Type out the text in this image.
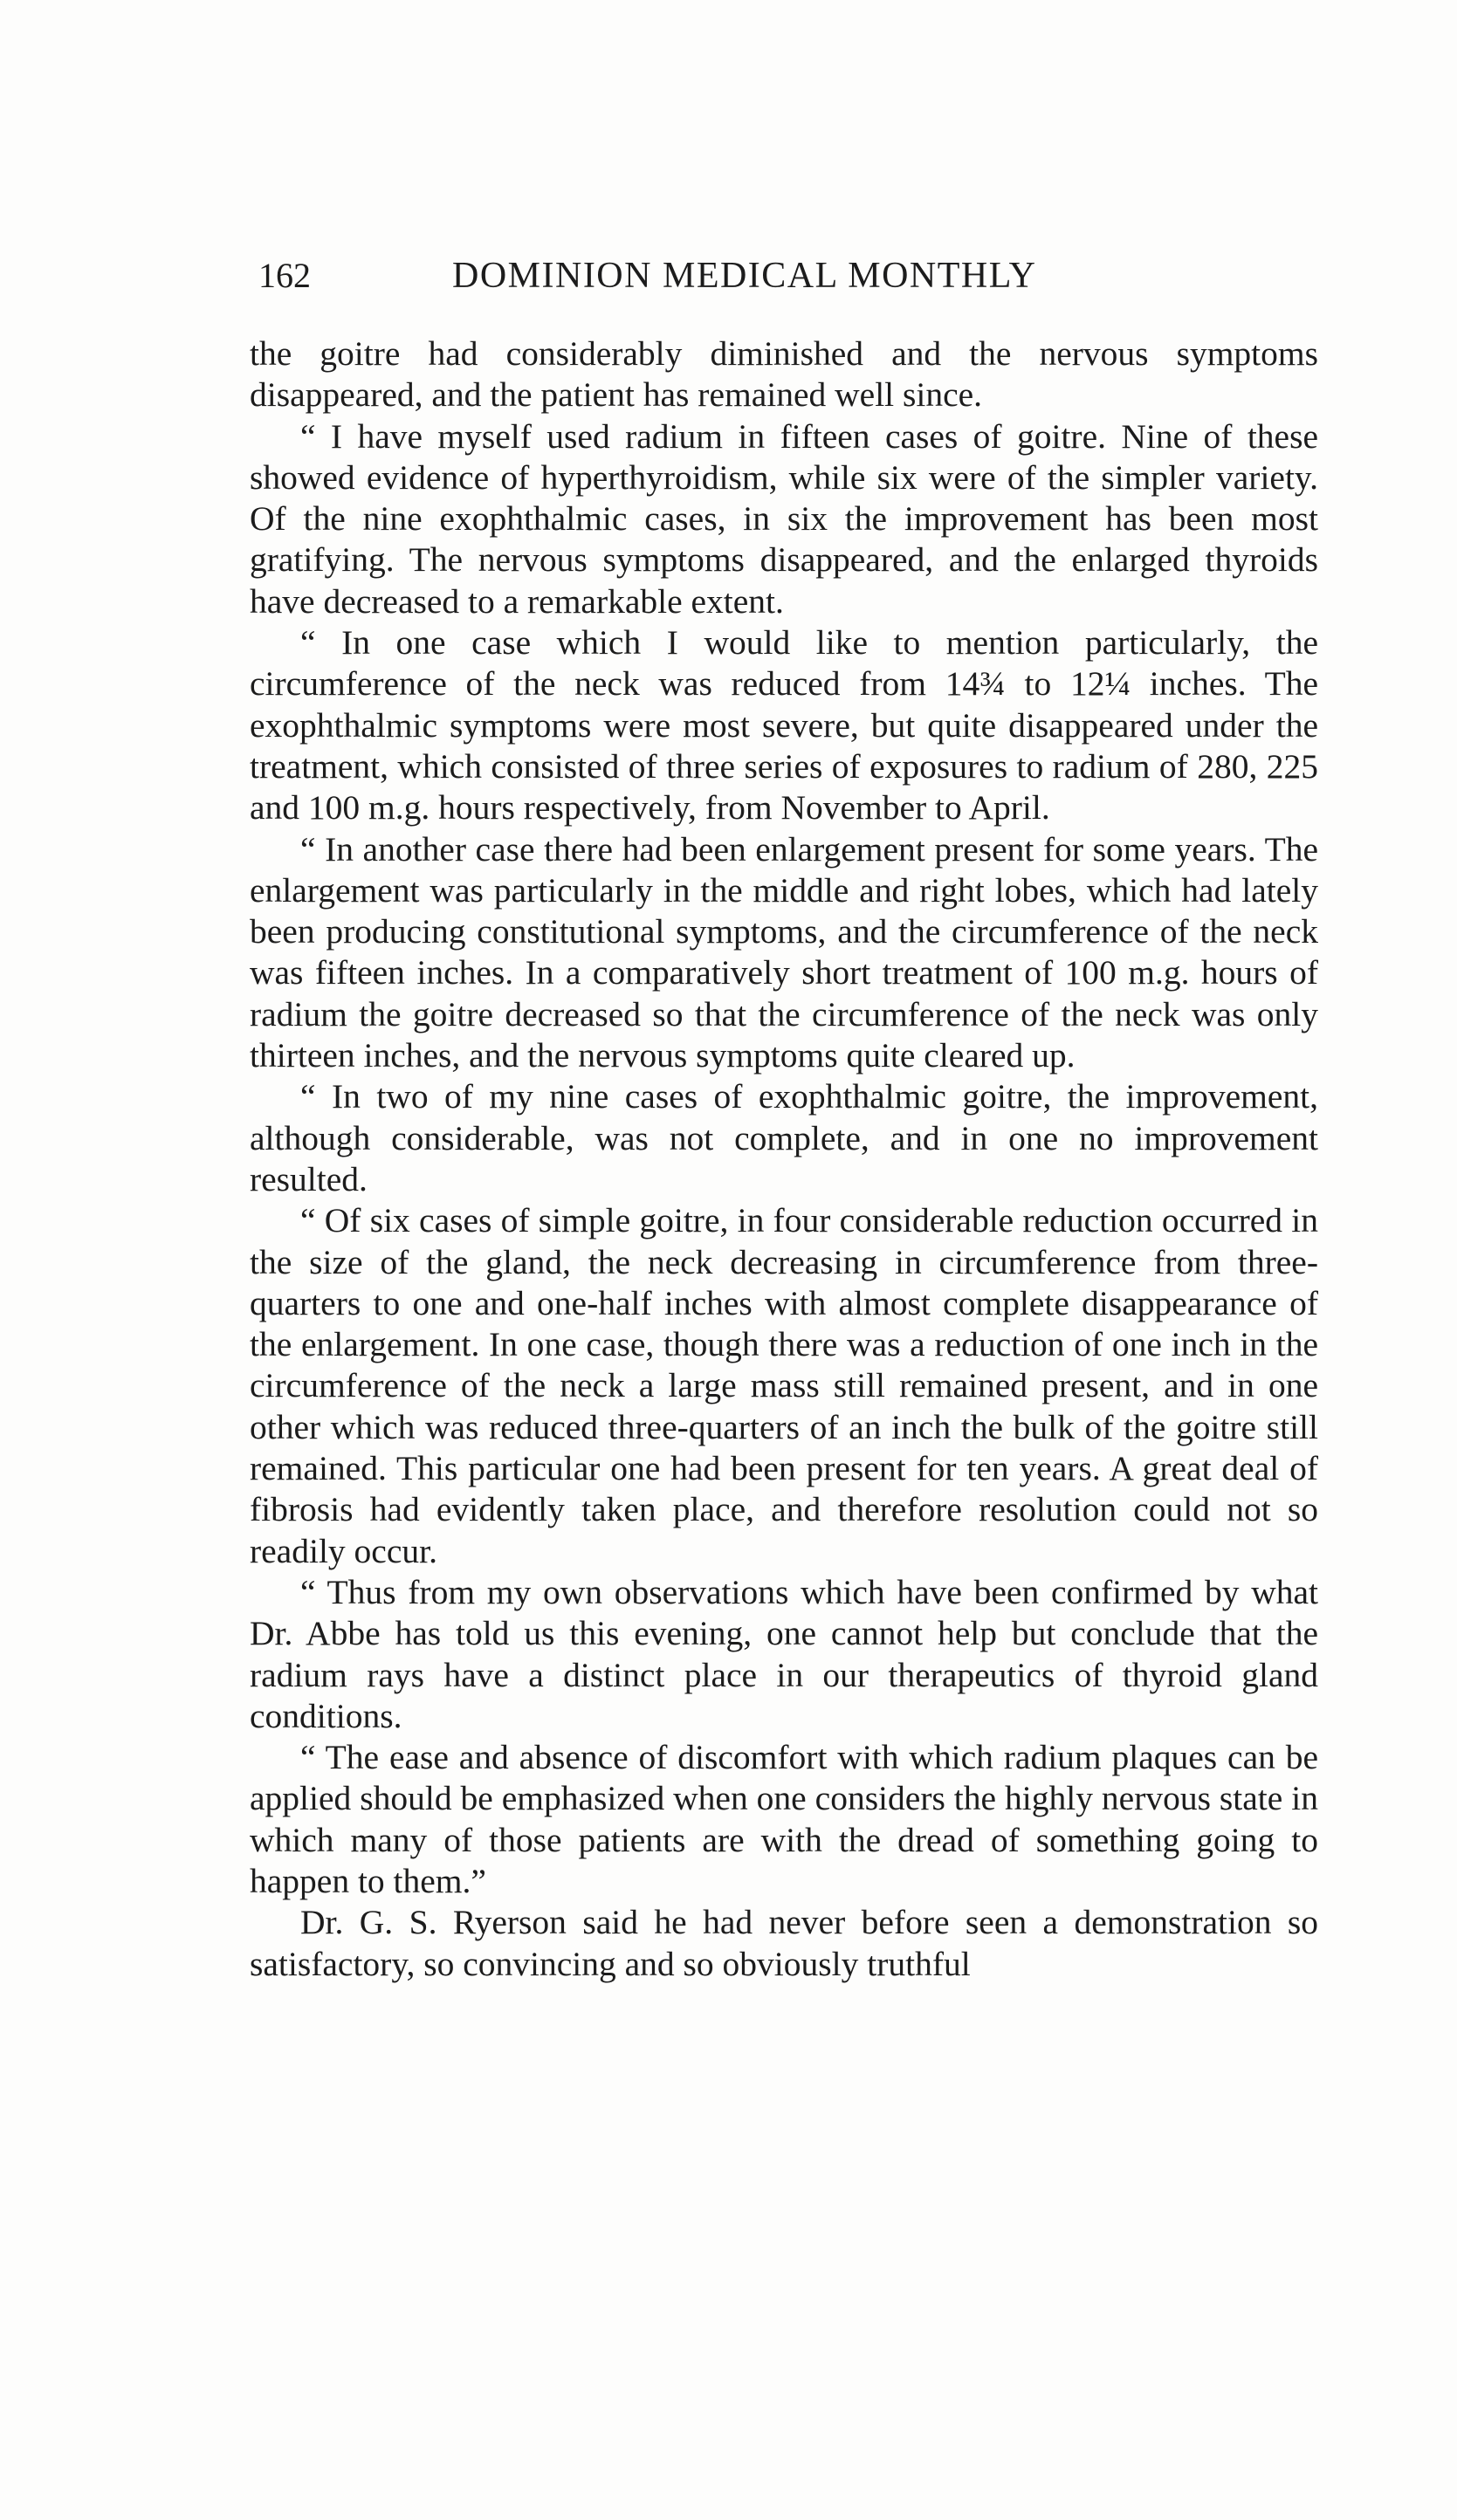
162	DOMINION MEDICAL MONTHLY

the goitre had considerably diminished and the nervous symptoms disappeared, and the patient has remained well since.

“ I have myself used radium in fifteen cases of goitre. Nine of these showed evidence of hyperthyroidism, while six were of the simpler variety. Of the nine exophthalmic cases, in six the improvement has been most gratifying. The nervous symptoms disappeared, and the enlarged thyroids have decreased to a remarkable extent.

“ In one case which I would like to mention particularly, the circumference of the neck was reduced from 14¾ to 12¼ inches. The exophthalmic symptoms were most severe, but quite disappeared under the treatment, which consisted of three series of exposures to radium of 280, 225 and 100 m.g. hours respectively, from November to April.

“ In another case there had been enlargement present for some years. The enlargement was particularly in the middle and right lobes, which had lately been producing constitutional symptoms, and the circumference of the neck was fifteen inches. In a comparatively short treatment of 100 m.g. hours of radium the goitre decreased so that the circumference of the neck was only thirteen inches, and the nervous symptoms quite cleared up.

“ In two of my nine cases of exophthalmic goitre, the improvement, although considerable, was not complete, and in one no improvement resulted.

“ Of six cases of simple goitre, in four considerable reduction occurred in the size of the gland, the neck decreasing in circumference from three-quarters to one and one-half inches with almost complete disappearance of the enlargement. In one case, though there was a reduction of one inch in the circumference of the neck a large mass still remained present, and in one other which was reduced three-quarters of an inch the bulk of the goitre still remained. This particular one had been present for ten years. A great deal of fibrosis had evidently taken place, and therefore resolution could not so readily occur.

“ Thus from my own observations which have been confirmed by what Dr. Abbe has told us this evening, one cannot help but conclude that the radium rays have a distinct place in our therapeutics of thyroid gland conditions.

“ The ease and absence of discomfort with which radium plaques can be applied should be emphasized when one considers the highly nervous state in which many of those patients are with the dread of something going to happen to them.”

Dr. G. S. Ryerson said he had never before seen a demonstration so satisfactory, so convincing and so obviously truthful
